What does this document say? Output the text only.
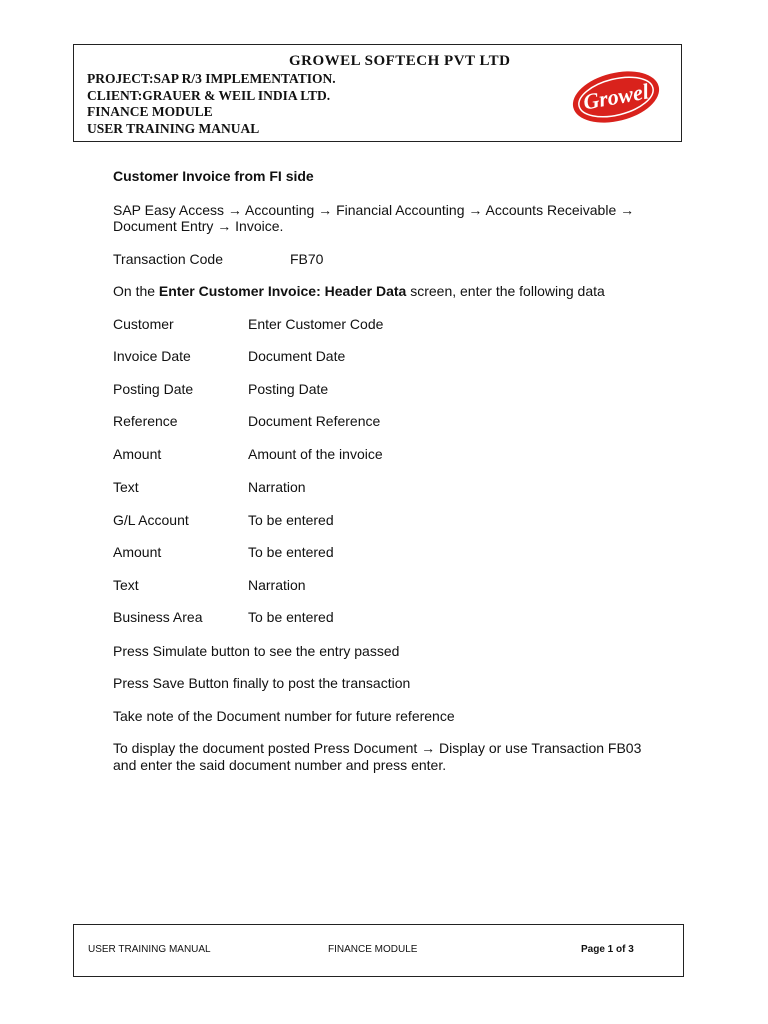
GROWEL SOFTECH PVT LTD
PROJECT:SAP R/3 IMPLEMENTATION.
CLIENT:GRAUER & WEIL INDIA LTD.
FINANCE MODULE
USER TRAINING MANUAL
Growel
Customer Invoice from FI side
SAP Easy Access → Accounting → Financial Accounting → Accounts Receivable →
Document Entry → Invoice.
Transaction Code	FB70
On the Enter Customer Invoice: Header Data screen, enter the following data
Customer	Enter Customer Code
Invoice Date	Document Date
Posting Date	Posting Date
Reference	Document Reference
Amount	Amount of the invoice
Text	Narration
G/L Account	To be entered
Amount	To be entered
Text	Narration
Business Area	To be entered
Press Simulate button to see the entry passed
Press Save Button finally to post the transaction
Take note of the Document number for future reference
To display the document posted Press Document → Display or use Transaction FB03
and enter the said document number and press enter.
USER TRAINING MANUAL	FINANCE MODULE	Page 1 of 3
